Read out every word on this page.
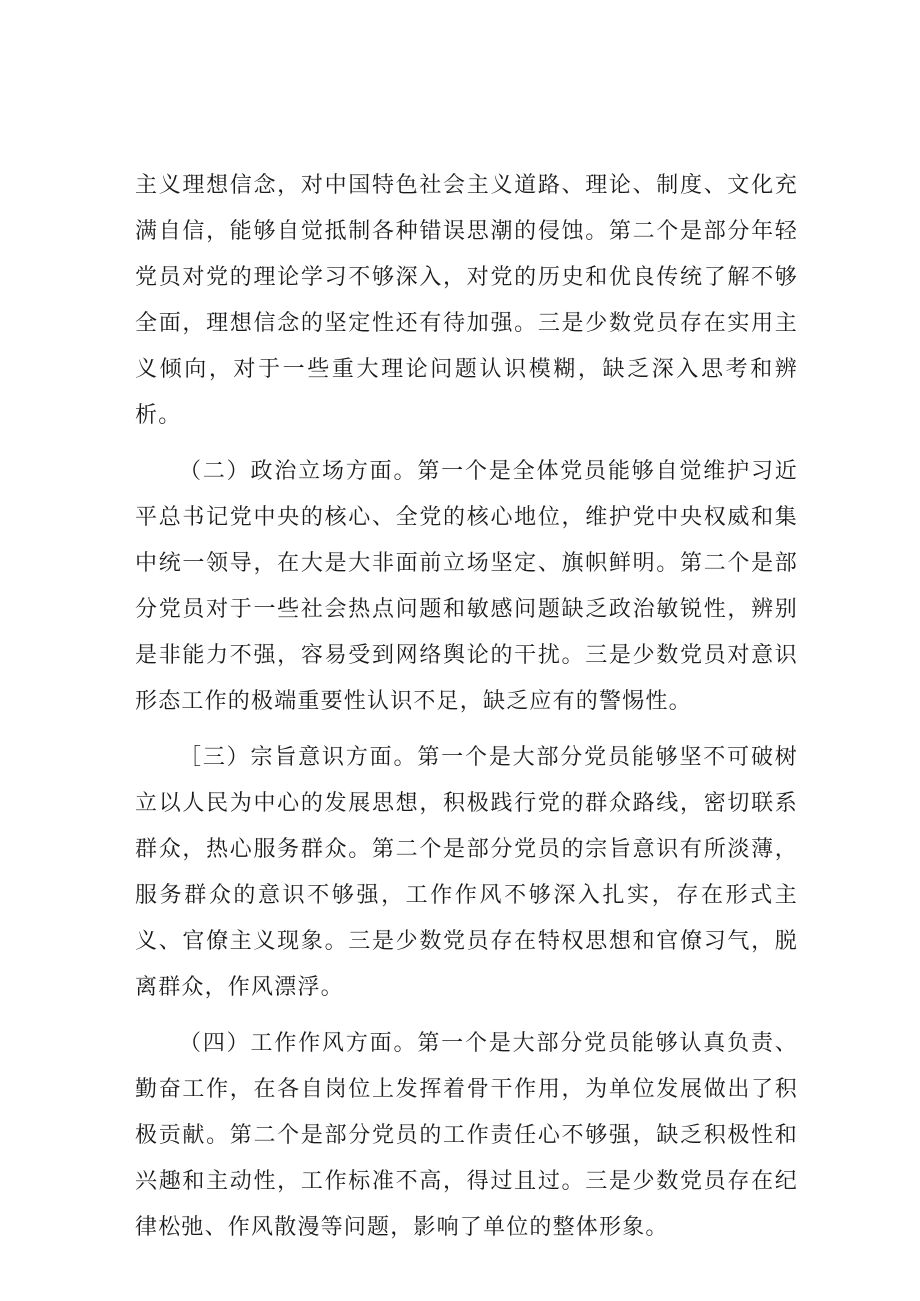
主义理想信念，对中国特色社会主义道路、理论、制度、文化充满自信，能够自觉抵制各种错误思潮的侵蚀。第二个是部分年轻党员对党的理论学习不够深入，对党的历史和优良传统了解不够全面，理想信念的坚定性还有待加强。三是少数党员存在实用主义倾向，对于一些重大理论问题认识模糊，缺乏深入思考和辨析。

（二）政治立场方面。第一个是全体党员能够自觉维护习近平总书记党中央的核心、全党的核心地位，维护党中央权威和集中统一领导，在大是大非面前立场坚定、旗帜鲜明。第二个是部分党员对于一些社会热点问题和敏感问题缺乏政治敏锐性，辨别是非能力不强，容易受到网络舆论的干扰。三是少数党员对意识形态工作的极端重要性认识不足，缺乏应有的警惕性。

［三）宗旨意识方面。第一个是大部分党员能够坚不可破树立以人民为中心的发展思想，积极践行党的群众路线，密切联系群众，热心服务群众。第二个是部分党员的宗旨意识有所淡薄，服务群众的意识不够强，工作作风不够深入扎实，存在形式主义、官僚主义现象。三是少数党员存在特权思想和官僚习气，脱离群众，作风漂浮。

（四）工作作风方面。第一个是大部分党员能够认真负责、勤奋工作，在各自岗位上发挥着骨干作用，为单位发展做出了积极贡献。第二个是部分党员的工作责任心不够强，缺乏积极性和兴趣和主动性，工作标准不高，得过且过。三是少数党员存在纪律松弛、作风散漫等问题，影响了单位的整体形象。
